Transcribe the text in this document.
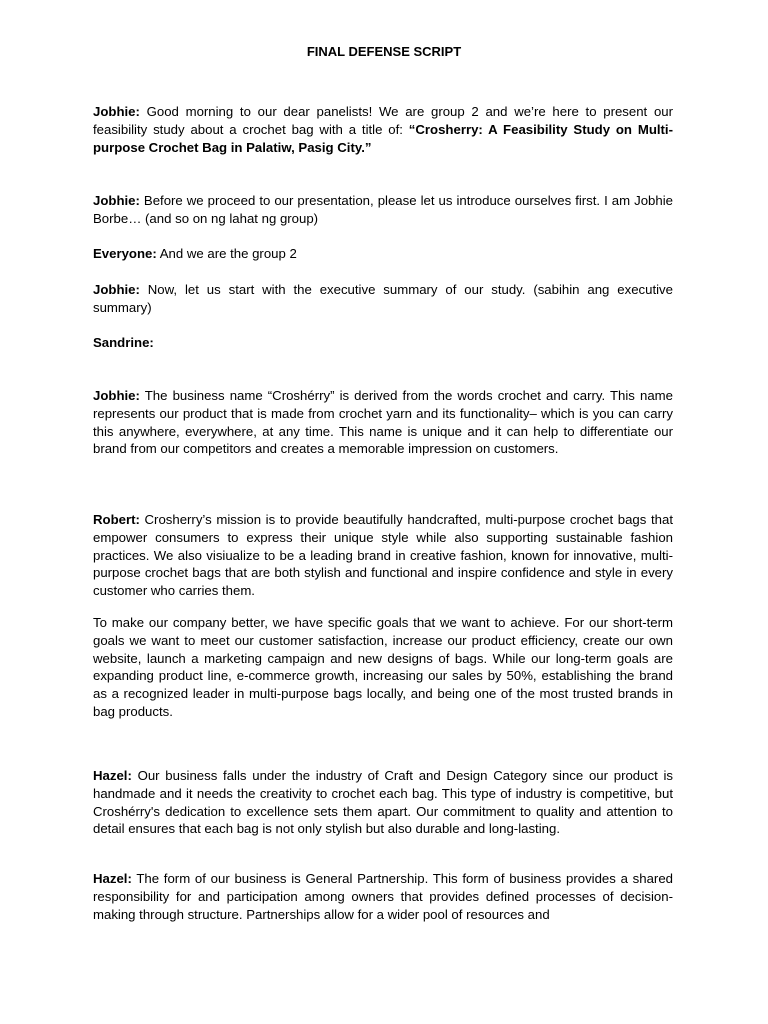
FINAL DEFENSE SCRIPT

Jobhie: Good morning to our dear panelists! We are group 2 and we’re here to present our feasibility study about a crochet bag with a title of: “Crosherry: A Feasibility Study on Multi-purpose Crochet Bag in Palatiw, Pasig City.”

Jobhie: Before we proceed to our presentation, please let us introduce ourselves first. I am Jobhie Borbe… (and so on ng lahat ng group)

Everyone: And we are the group 2

Jobhie: Now, let us start with the executive summary of our study. (sabihin ang executive summary)

Sandrine:

Jobhie: The business name “Croshérry” is derived from the words crochet and carry. This name represents our product that is made from crochet yarn and its functionality– which is you can carry this anywhere, everywhere, at any time. This name is unique and it can help to differentiate our brand from our competitors and creates a memorable impression on customers.

Robert: Crosherry’s mission is to provide beautifully handcrafted, multi-purpose crochet bags that empower consumers to express their unique style while also supporting sustainable fashion practices. We also visiualize to be a leading brand in creative fashion, known for innovative, multi-purpose crochet bags that are both stylish and functional and inspire confidence and style in every customer who carries them.

To make our company better, we have specific goals that we want to achieve. For our short-term goals we want to meet our customer satisfaction, increase our product efficiency, create our own website, launch a marketing campaign and new designs of bags. While our long-term goals are expanding product line, e-commerce growth, increasing our sales by 50%, establishing the brand as a recognized leader in multi-purpose bags locally, and being one of the most trusted brands in bag products.

Hazel: Our business falls under the industry of Craft and Design Category since our product is handmade and it needs the creativity to crochet each bag. This type of industry is competitive, but Croshérry's dedication to excellence sets them apart. Our commitment to quality and attention to detail ensures that each bag is not only stylish but also durable and long-lasting.

Hazel: The form of our business is General Partnership. This form of business provides a shared responsibility for and participation among owners that provides defined processes of decision-making through structure. Partnerships allow for a wider pool of resources and
